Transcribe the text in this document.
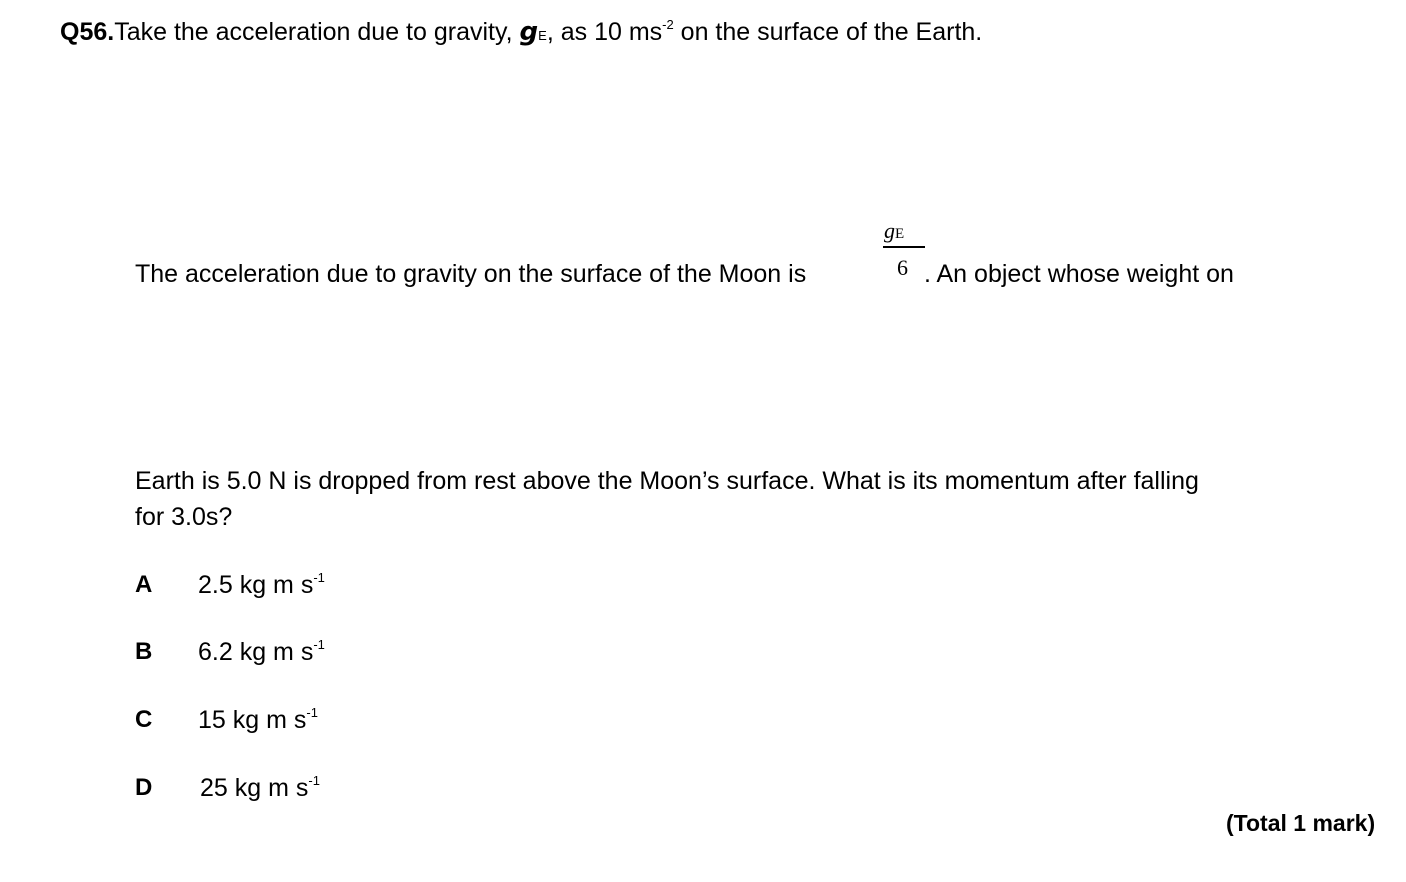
Q56.Take the acceleration due to gravity, gE, as 10 $ms^{-2}$ on the surface of the Earth.
The acceleration due to gravity on the surface of the Moon is
gE
6 . An object whose weight on
Earth is 5.0 N is dropped from rest above the Moon’s surface. What is its momentum after falling
for 3.0s?
A 2.5 kg m $s^{-1}$
B 6.2 kg m $s^{-1}$
C 15 kg m $s^{-1}$
D 25 kg m $s^{-1}$
(Total 1 mark)
